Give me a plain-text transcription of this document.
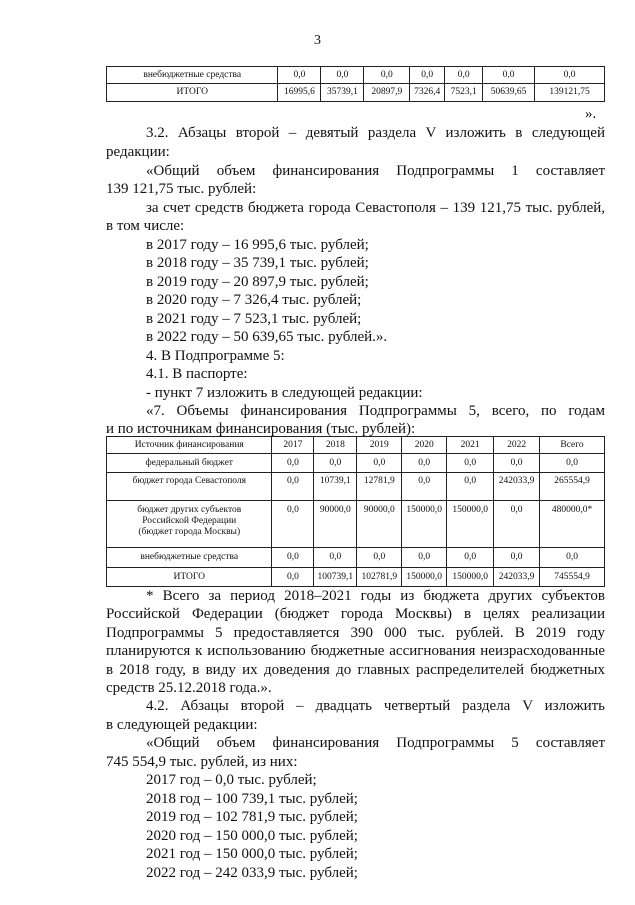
3
внебюджетные средства	0,0	0,0	0,0	0,0	0,0	0,0	0,0
ИТОГО	16995,6	35739,1	20897,9	7326,4	7523,1	50639,65	139121,75
».
3.2. Абзацы второй – девятый раздела V изложить в следующей
редакции:
«Общий объем финансирования Подпрограммы 1 составляет
139 121,75 тыс. рублей:
за счет средств бюджета города Севастополя – 139 121,75 тыс. рублей,
в том числе:
в 2017 году – 16 995,6 тыс. рублей;
в 2018 году – 35 739,1 тыс. рублей;
в 2019 году – 20 897,9 тыс. рублей;
в 2020 году – 7 326,4 тыс. рублей;
в 2021 году – 7 523,1 тыс. рублей;
в 2022 году – 50 639,65 тыс. рублей.».
4. В Подпрограмме 5:
4.1. В паспорте:
- пункт 7 изложить в следующей редакции:
«7. Объемы финансирования Подпрограммы 5, всего, по годам
и по источникам финансирования (тыс. рублей):
Источник финансирования	2017	2018	2019	2020	2021	2022	Всего
федеральный бюджет	0,0	0,0	0,0	0,0	0,0	0,0	0,0
бюджет города Севастополя	0,0	10739,1	12781,9	0,0	0,0	242033,9	265554,9

бюджет других субъектов
Российской Федерации
(бюджет города Москвы)	0,0	90000,0	90000,0	150000,0	150000,0	0,0	480000,0*
внебюджетные средства	0,0	0,0	0,0	0,0	0,0	0,0	0,0
ИТОГО	0,0	100739,1	102781,9	150000,0	150000,0	242033,9	745554,9
* Всего за период 2018–2021 годы из бюджета других субъектов
Российской Федерации (бюджет города Москвы) в целях реализации
Подпрограммы 5 предоставляется 390 000 тыс. рублей. В 2019 году
планируются к использованию бюджетные ассигнования неизрасходованные
в 2018 году, в виду их доведения до главных распределителей бюджетных
средств 25.12.2018 года.».
4.2. Абзацы второй – двадцать четвертый раздела V изложить
в следующей редакции:
«Общий объем финансирования Подпрограммы 5 составляет
745 554,9 тыс. рублей, из них:
2017 год – 0,0 тыс. рублей;
2018 год – 100 739,1 тыс. рублей;
2019 год – 102 781,9 тыс. рублей;
2020 год – 150 000,0 тыс. рублей;
2021 год – 150 000,0 тыс. рублей;
2022 год – 242 033,9 тыс. рублей;
